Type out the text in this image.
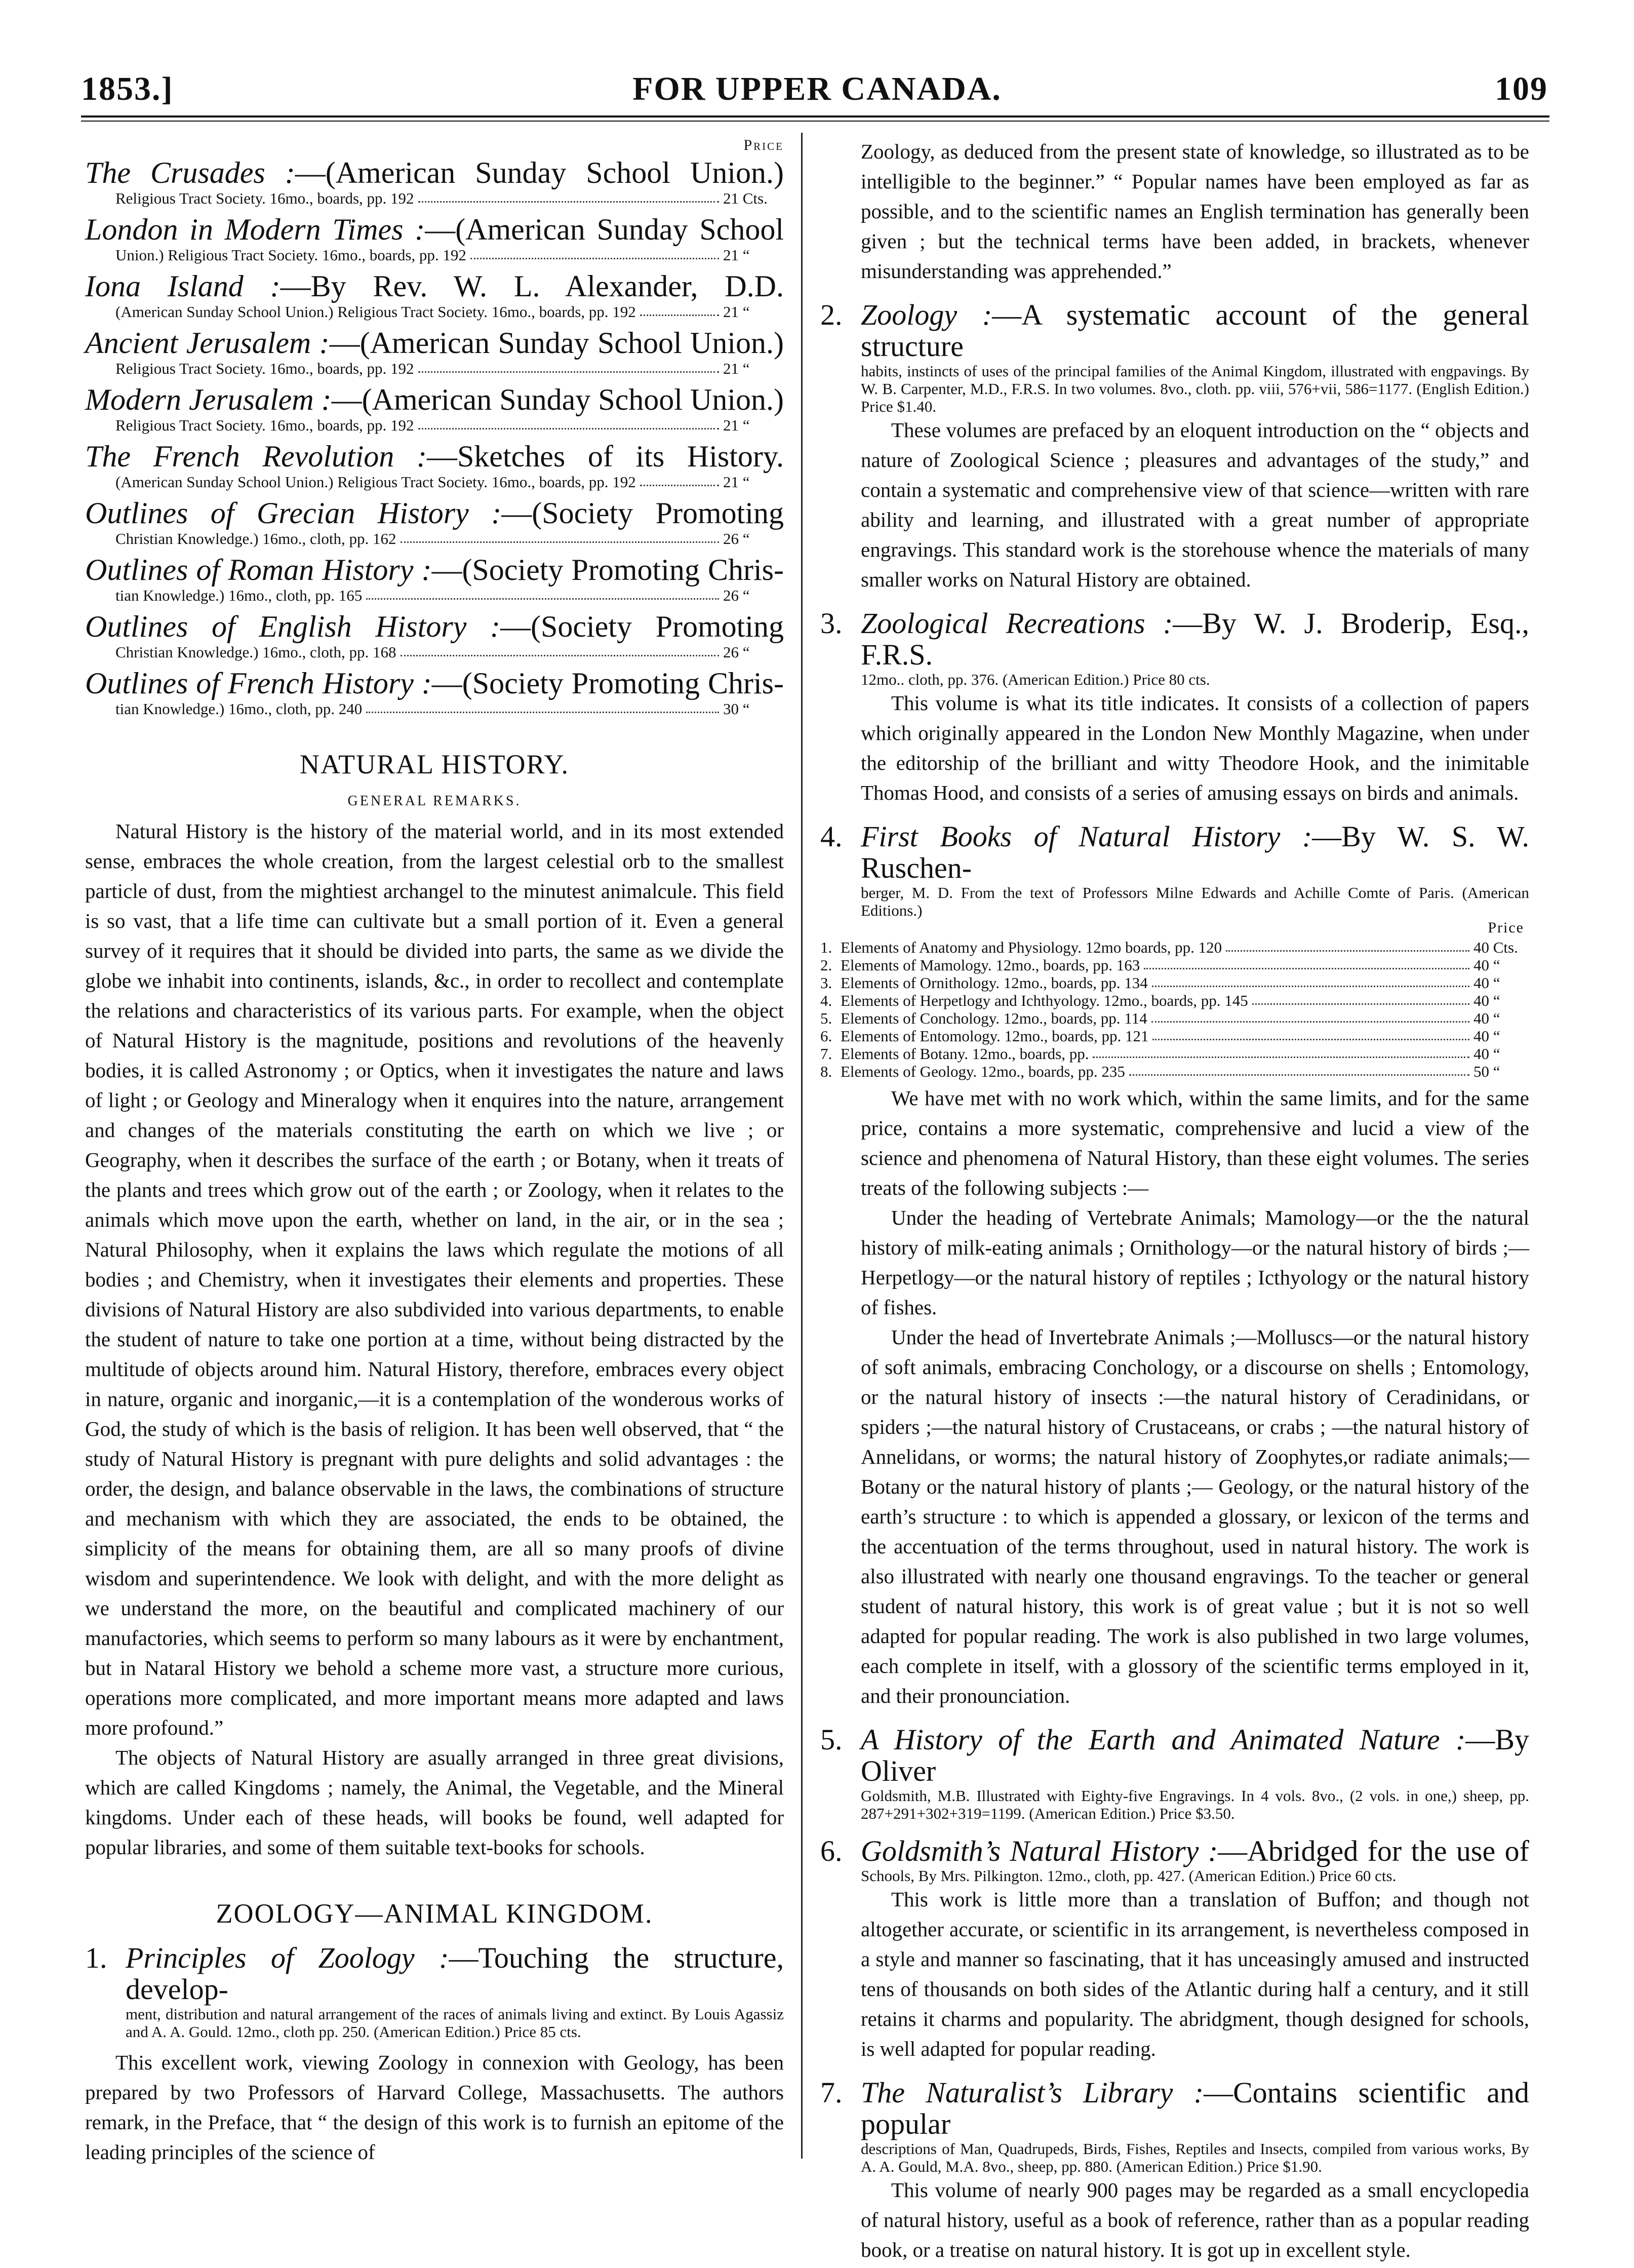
1853.]	FOR UPPER CANADA.	109
Price
The Crusades :—(American Sunday School Union.)
Religious Tract Society. 16mo., boards, pp. 192	21 Cts.
London in Modern Times :—(American Sunday School
Union.) Religious Tract Society. 16mo., boards, pp. 192	21 “
Iona Island :—By Rev. W. L. Alexander, D.D.
(American Sunday School Union.) Religious Tract Society. 16mo., boards, pp. 192	21 “
Ancient Jerusalem :—(American Sunday School Union.)
Religious Tract Society. 16mo., boards, pp. 192	21 “
Modern Jerusalem :—(American Sunday School Union.)
Religious Tract Society. 16mo., boards, pp. 192	21 “
The French Revolution :—Sketches of its History.
(American Sunday School Union.) Religious Tract Society. 16mo., boards, pp. 192	21 “
Outlines of Grecian History :—(Society Promoting
Christian Knowledge.) 16mo., cloth, pp. 162	26 “
Outlines of Roman History :—(Society Promoting Chris-
tian Knowledge.) 16mo., cloth, pp. 165	26 “
Outlines of English History :—(Society Promoting
Christian Knowledge.) 16mo., cloth, pp. 168	26 “
Outlines of French History :—(Society Promoting Chris-
tian Knowledge.) 16mo., cloth, pp. 240	30 “
NATURAL HISTORY.
GENERAL REMARKS.

Natural History is the history of the material world, and in its most extended sense, embraces the whole creation, from the largest celestial orb to the smallest particle of dust, from the mightiest archangel to the minutest animalcule. This field is so vast, that a life time can cultivate but a small portion of it. Even a general survey of it requires that it should be divided into parts, the same as we divide the globe we inhabit into continents, islands, &c., in order to recollect and contemplate the relations and characteristics of its various parts. For example, when the object of Natural History is the magnitude, positions and revolutions of the heavenly bodies, it is called Astronomy ; or Optics, when it investigates the nature and laws of light ; or Geology and Mineralogy when it enquires into the nature, arrangement and changes of the materials constituting the earth on which we live ; or Geography, when it describes the surface of the earth ; or Botany, when it treats of the plants and trees which grow out of the earth ; or Zoology, when it relates to the animals which move upon the earth, whether on land, in the air, or in the sea ; Natural Philosophy, when it explains the laws which regulate the motions of all bodies ; and Chemistry, when it investigates their elements and properties. These divisions of Natural History are also subdivided into various departments, to enable the student of nature to take one portion at a time, without being distracted by the multitude of objects around him. Natural History, therefore, embraces every object in nature, organic and inorganic,—it is a contemplation of the wonderous works of God, the study of which is the basis of religion. It has been well observed, that “ the study of Natural History is pregnant with pure delights and solid advantages : the order, the design, and balance observable in the laws, the combinations of structure and mechanism with which they are associated, the ends to be obtained, the simplicity of the means for obtaining them, are all so many proofs of divine wisdom and superintendence. We look with delight, and with the more delight as we understand the more, on the beautiful and complicated machinery of our manufactories, which seems to perform so many labours as it were by enchantment, but in Nataral History we behold a scheme more vast, a structure more curious, operations more complicated, and more important means more adapted and laws more profound.”

The objects of Natural History are asually arranged in three great divisions, which are called Kingdoms ; namely, the Animal, the Vegetable, and the Mineral kingdoms. Under each of these heads, will books be found, well adapted for popular libraries, and some of them suitable text-books for schools.

ZOOLOGY—ANIMAL KINGDOM.
1. Principles of Zoology :—Touching the structure, develop-
ment, distribution and natural arrangement of the races of animals living and extinct. By Louis Agassiz and A. A. Gould. 12mo., cloth pp. 250. (American Edition.) Price 85 cts.

This excellent work, viewing Zoology in connexion with Geology, has been prepared by two Professors of Harvard College, Massachusetts. The authors remark, in the Preface, that “ the design of this work is to furnish an epitome of the leading principles of the science of

Zoology, as deduced from the present state of knowledge, so illustrated as to be intelligible to the beginner.” “ Popular names have been employed as far as possible, and to the scientific names an English termination has generally been given ; but the technical terms have been added, in brackets, whenever misunderstanding was apprehended.”

2. Zoology :—A systematic account of the general structure
habits, instincts of uses of the principal families of the Animal Kingdom, illustrated with engpavings. By W. B. Carpenter, M.D., F.R.S. In two volumes. 8vo., cloth. pp. viii, 576+vii, 586=1177. (English Edition.) Price $1.40.

These volumes are prefaced by an eloquent introduction on the “ objects and nature of Zoological Science ; pleasures and advantages of the study,” and contain a systematic and comprehensive view of that science—written with rare ability and learning, and illustrated with a great number of appropriate engravings. This standard work is the storehouse whence the materials of many smaller works on Natural History are obtained.

3. Zoological Recreations :—By W. J. Broderip, Esq., F.R.S.
12mo.. cloth, pp. 376. (American Edition.) Price 80 cts.

This volume is what its title indicates. It consists of a collection of papers which originally appeared in the London New Monthly Magazine, when under the editorship of the brilliant and witty Theodore Hook, and the inimitable Thomas Hood, and consists of a series of amusing essays on birds and animals.

4. First Books of Natural History :—By W. S. W. Ruschen-
berger, M. D. From the text of Professors Milne Edwards and Achille Comte of Paris. (American Editions.)
Price
1. Elements of Anatomy and Physiology. 12mo boards, pp. 120	40 Cts.
2. Elements of Mamology. 12mo., boards, pp. 163	40 “
3. Elements of Ornithology. 12mo., boards, pp. 134	40 “
4. Elements of Herpetlogy and Ichthyology. 12mo., boards, pp. 145	40 “
5. Elements of Conchology. 12mo., boards, pp. 114	40 “
6. Elements of Entomology. 12mo., boards, pp. 121	40 “
7. Elements of Botany. 12mo., boards, pp.	40 “
8. Elements of Geology. 12mo., boards, pp. 235	50 “

We have met with no work which, within the same limits, and for the same price, contains a more systematic, comprehensive and lucid a view of the science and phenomena of Natural History, than these eight volumes. The series treats of the following subjects :—

Under the heading of Vertebrate Animals; Mamology—or the the natural history of milk-eating animals ; Ornithology—or the natural history of birds ;—Herpetlogy—or the natural history of reptiles ; Icthyology or the natural history of fishes.

Under the head of Invertebrate Animals ;—Molluscs—or the natural history of soft animals, embracing Conchology, or a discourse on shells ; Entomology, or the natural history of insects :—the natural history of Ceradinidans, or spiders ;—the natural history of Crustaceans, or crabs ; —the natural history of Annelidans, or worms; the natural history of Zoophytes,or radiate animals;—Botany or the natural history of plants ;— Geology, or the natural history of the earth’s structure : to which is appended a glossary, or lexicon of the terms and the accentuation of the terms throughout, used in natural history. The work is also illustrated with nearly one thousand engravings. To the teacher or general student of natural history, this work is of great value ; but it is not so well adapted for popular reading. The work is also published in two large volumes, each complete in itself, with a glossory of the scientific terms employed in it, and their pronounciation.

5. A History of the Earth and Animated Nature :—By Oliver
Goldsmith, M.B. Illustrated with Eighty-five Engravings. In 4 vols. 8vo., (2 vols. in one,) sheep, pp. 287+291+302+319=1199. (American Edition.) Price $3.50.
6. Goldsmith’s Natural History :—Abridged for the use of
Schools, By Mrs. Pilkington. 12mo., cloth, pp. 427. (American Edition.) Price 60 cts.

This work is little more than a translation of Buffon; and though not altogether accurate, or scientific in its arrangement, is nevertheless composed in a style and manner so fascinating, that it has unceasingly amused and instructed tens of thousands on both sides of the Atlantic during half a century, and it still retains it charms and popularity. The abridgment, though designed for schools, is well adapted for popular reading.

7. The Naturalist’s Library :—Contains scientific and popular
descriptions of Man, Quadrupeds, Birds, Fishes, Reptiles and Insects, compiled from various works, By A. A. Gould, M.A. 8vo., sheep, pp. 880. (American Edition.) Price $1.90.

This volume of nearly 900 pages may be regarded as a small encyclopedia of natural history, useful as a book of reference, rather than as a popular reading book, or a treatise on natural history. It is got up in excellent style.
